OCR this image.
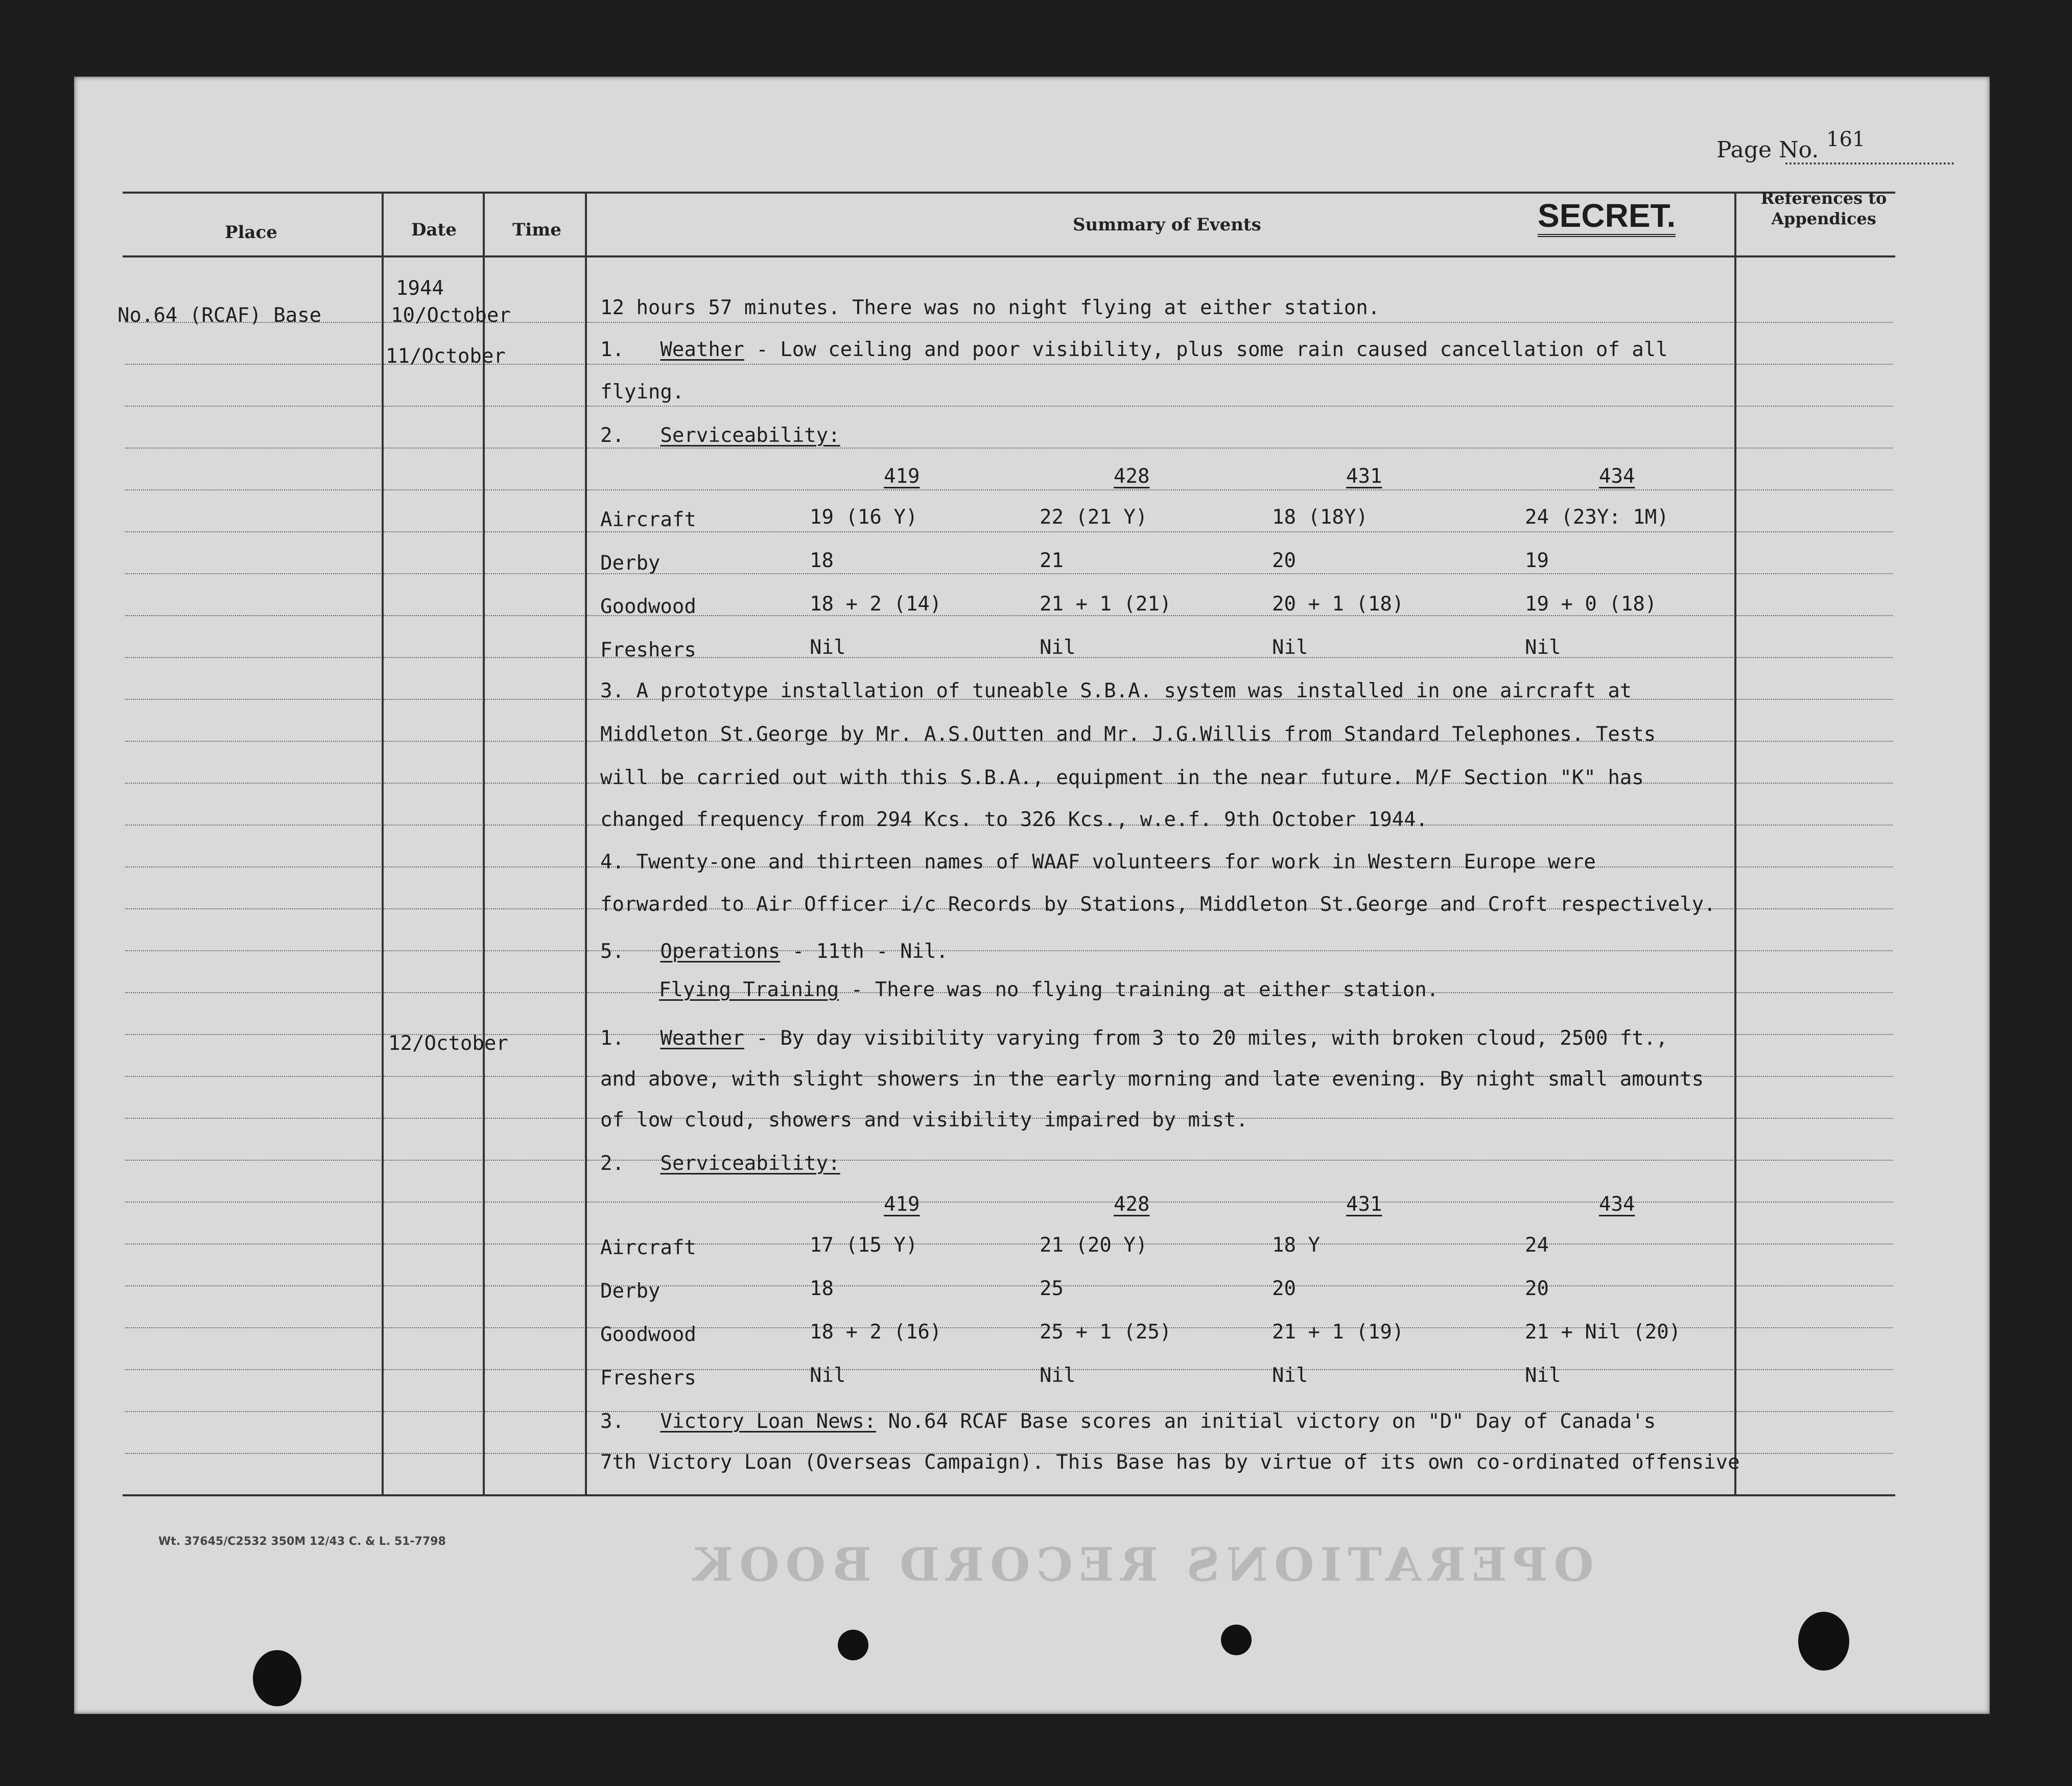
Page No. 161
Place	Date	Time	Summary of Events	SECRET.	References to Appendices
No.64 (RCAF) Base
1944
10/October
11/October
12/October
12 hours 57 minutes. There was no night flying at either station.
1. Weather - Low ceiling and poor visibility, plus some rain caused cancellation of all
flying.
2. Serviceability:
419	428	431	434
Aircraft	19 (16 Y)	22 (21 Y)	18 (18Y)	24 (23Y: 1M)
Derby	18	21	20	19
Goodwood	18 + 2 (14)	21 + 1 (21)	20 + 1 (18)	19 + 0 (18)
Freshers	Nil	Nil	Nil	Nil
3. A prototype installation of tuneable S.B.A. system was installed in one aircraft at
Middleton St.George by Mr. A.S.Outten and Mr. J.G.Willis from Standard Telephones. Tests
will be carried out with this S.B.A., equipment in the near future. M/F Section "K" has
changed frequency from 294 Kcs. to 326 Kcs., w.e.f. 9th October 1944.
4. Twenty-one and thirteen names of WAAF volunteers for work in Western Europe were
forwarded to Air Officer i/c Records by Stations, Middleton St.George and Croft respectively.
5. Operations - 11th - Nil.
Flying Training - There was no flying training at either station.
1. Weather - By day visibility varying from 3 to 20 miles, with broken cloud, 2500 ft.,
and above, with slight showers in the early morning and late evening. By night small amounts
of low cloud, showers and visibility impaired by mist.
2. Serviceability:
419	428	431	434
Aircraft	17 (15 Y)	21 (20 Y)	18 Y	24
Derby	18	25	20	20
Goodwood	18 + 2 (16)	25 + 1 (25)	21 + 1 (19)	21 + Nil (20)
Freshers	Nil	Nil	Nil	Nil
3. Victory Loan News: No.64 RCAF Base scores an initial victory on "D" Day of Canada's
7th Victory Loan (Overseas Campaign). This Base has by virtue of its own co-ordinated offensive
Wt. 37645/C2532 350M 12/43 C. & L. 51-7798	OPERATIONS RECORD BOOK
